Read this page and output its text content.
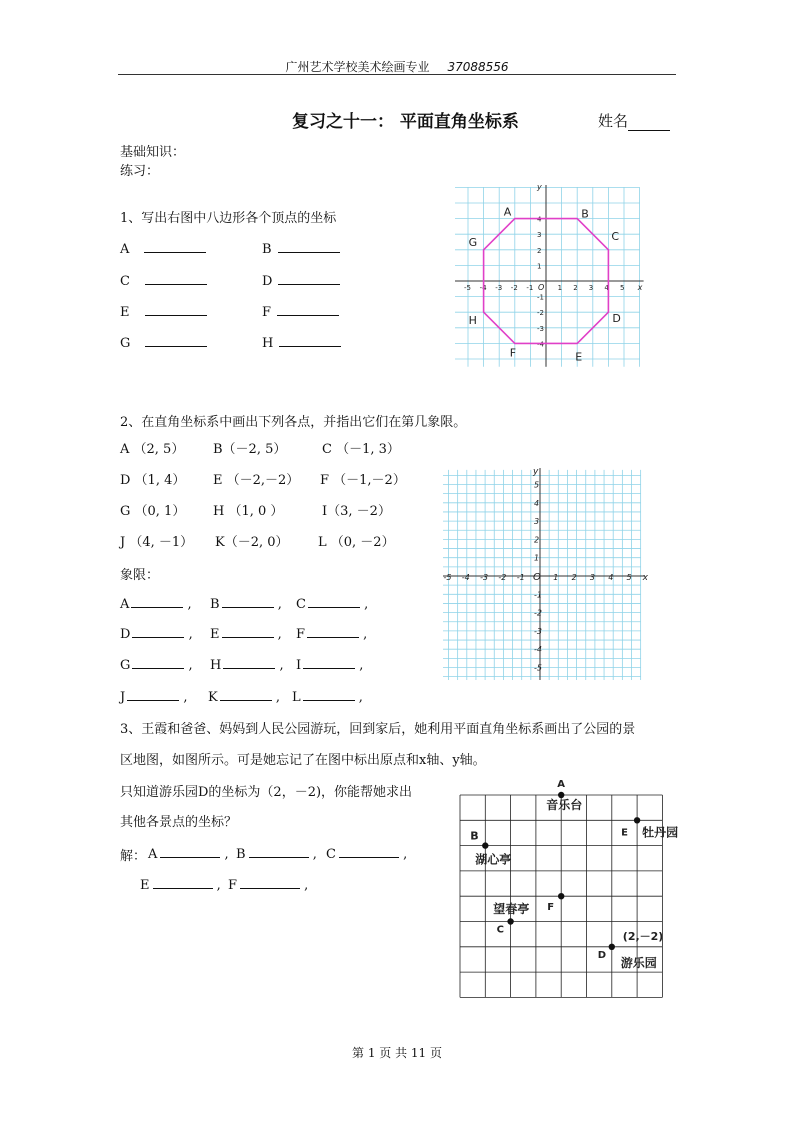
广州艺术学校美术绘画专业 37088556
复习之十一： 平面直角坐标系	姓名
基础知识：
练习：
1、写出右图中八边形各个顶点的坐标
A	B
C	D
E	F
G	H
x
y
O
-5 -4 -3 -2 -1	1 2 3 4 5
4
3
2
1
-1
-2
-3
-4
A	B
C
D
E
F
G
H
2、在直角坐标系中画出下列各点，并指出它们在第几象限。
A （2, 5） B（－2, 5）	C （－1, 3）
D （1, 4） E （－2,－2） F （－1,－2）
G （0, 1） H （1, 0 ）	I（3, －2）
J （4, －1） K（－2, 0） L （0, －2）
象限：
A	, B	, C	,
D	, E	, F	,
G	, H	, I	,
J	, K	, L	,
x
y
O
-5 -4 -3 -2 -1	1 2 3 4 5
5
4
3
2
1
-1
-2
-3
-4
-5
3、王霞和爸爸、妈妈到人民公园游玩，回到家后，她利用平面直角坐标系画出了公园的景
区地图，如图所示。可是她忘记了在图中标出原点和x轴、y轴。
只知道游乐园D的坐标为（2，－2)，你能帮她求出
其他各景点的坐标？
解： A	, B	, C	,
E	, F	,
A
B
C
D
E
F
音乐台
牡丹园
湖心亭
望春亭
游乐园
(2,－2)
第 1 页 共 11 页
